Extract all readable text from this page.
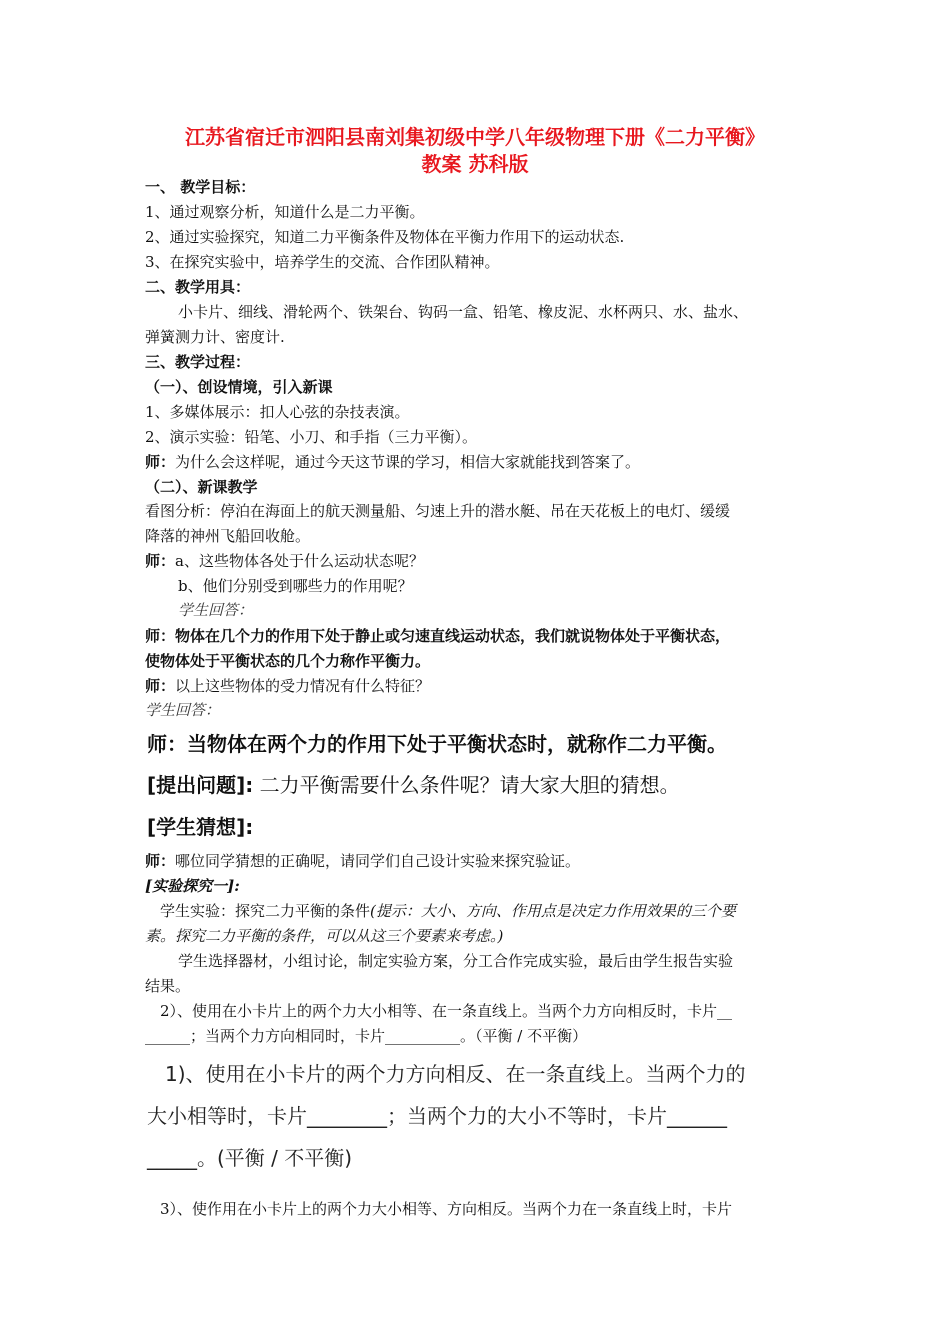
江苏省宿迁市泗阳县南刘集初级中学八年级物理下册《二力平衡》
教案 苏科版
一、 教学目标：
1、通过观察分析，知道什么是二力平衡。
2、通过实验探究，知道二力平衡条件及物体在平衡力作用下的运动状态.
3、在探究实验中，培养学生的交流、合作团队精神。
二、教学用具：
小卡片、细线、滑轮两个、铁架台、钩码一盒、铅笔、橡皮泥、水杯两只、水、盐水、
弹簧测力计、密度计.
三、教学过程：
（一）、创设情境，引入新课
1、多媒体展示：扣人心弦的杂技表演。
2、演示实验：铅笔、小刀、和手指（三力平衡）。
师：为什么会这样呢，通过今天这节课的学习，相信大家就能找到答案了。
（二）、新课教学
看图分析：停泊在海面上的航天测量船、匀速上升的潜水艇、吊在天花板上的电灯、缓缓
降落的神州飞船回收舱。
师：a、这些物体各处于什么运动状态呢？
b、他们分别受到哪些力的作用呢？
学生回答：
师：物体在几个力的作用下处于静止或匀速直线运动状态，我们就说物体处于平衡状态，
使物体处于平衡状态的几个力称作平衡力。
师：以上这些物体的受力情况有什么特征？
学生回答：
师：当物体在两个力的作用下处于平衡状态时，就称作二力平衡。
[提出问题]: 二力平衡需要什么条件呢？请大家大胆的猜想。
[学生猜想]:
师：哪位同学猜想的正确呢，请同学们自己设计实验来探究验证。
[实验探究一]:
学生实验：探究二力平衡的条件(提示：大小、方向、作用点是决定力作用效果的三个要
素。探究二力平衡的条件，可以从这三个要素来考虑。)
学生选择器材，小组讨论，制定实验方案，分工合作完成实验，最后由学生报告实验
结果。
2）、使用在小卡片上的两个力大小相等、在一条直线上。当两个力方向相反时，卡片__
______；当两个力方向相同时，卡片__________。（平衡 / 不平衡）
1)、使用在小卡片的两个力方向相反、在一条直线上。当两个力的
大小相等时，卡片________；当两个力的大小不等时，卡片______
_____。(平衡 / 不平衡)
3）、使作用在小卡片上的两个力大小相等、方向相反。当两个力在一条直线上时，卡片
